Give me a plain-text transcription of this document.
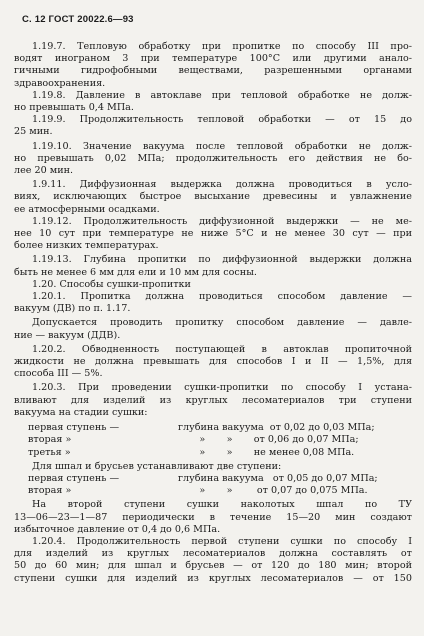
С. 12 ГОСТ 20022.6—93
1.19.7. Тепловую обработку при пропитке по способу III про-
водят инограном 3 при температуре 100°С или другими анало-
гичными гидрофобными веществами, разрешенными органами
здравоохранения.
1.19.8. Давление в автоклаве при тепловой обработке не долж-
но превышать 0,4 МПа.
1.19.9. Продолжительность тепловой обработки — от 15 до
25 мин.
1.19.10. Значение вакуума после тепловой обработки не долж-
но превышать 0,02 МПа; продолжительность его действия не бо-
лее 20 мин.
1.9.11. Диффузионная выдержка должна проводиться в усло-
виях, исключающих быстрое высыхание древесины и увлажнение
ее атмосферными осадками.
1.19.12. Продолжительность диффузионной выдержки — не ме-
нее 10 сут при температуре не ниже 5°С и не менее 30 сут — при
более низких температурах.
1.19.13. Глубина пропитки по диффузионной выдержки должна
быть не менее 6 мм для ели и 10 мм для сосны.
1.20. Способы сушки-пропитки
1.20.1. Пропитка должна проводиться способом давление —
вакуум (ДВ) по п. 1.17.
Допускается проводить пропитку способом давление — давле-
ние — вакуум (ДДВ).
1.20.2. Обводненность поступающей в автоклав пропиточной
жидкости не должна превышать для способов I и II — 1,5%, для
способа III — 5%.
1.20.3. При проведении сушки-пропитки по способу I устана-
вливают для изделий из круглых лесоматериалов три ступени
вакуума на стадии сушки:
первая ступень —	глубина вакуума  от 0,02 до 0,03 МПа;
вторая »	»       »       от 0,06 до 0,07 МПа;
третья »	»       »       не менее 0,08 МПа.
Для шпал и брусьев устанавливают две ступени:
первая ступень —	глубина вакуума   от 0,05 до 0,07 МПа;
вторая »	»       »        от 0,07 до 0,075 МПа.
На второй ступени сушки наколотых шпал по ТУ
13—06—23—1—87 периодически в течение 15—20 мин создают
избыточное давление от 0,4 до 0,6 МПа.
1.20.4. Продолжительность первой ступени сушки по способу I
для изделий из круглых лесоматериалов должна составлять от
50 до 60 мин; для шпал и брусьев — от 120 до 180 мин; второй
ступени сушки для изделий из круглых лесоматериалов — от 150
